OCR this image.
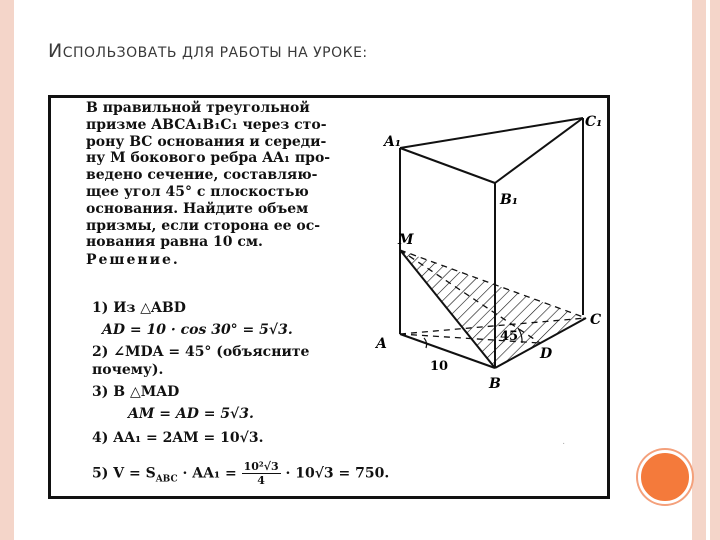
ИСПОЛЬЗОВАТЬ ДЛЯ РАБОТЫ НА УРОКЕ:

В правильной треугольной

призме ABCA₁B₁C₁ через сто-

рону BC основания и середи-

ну M бокового ребра AA₁ про-

ведено сечение, составляю-

щее угол 45° с плоскостью

основания. Найдите объем

призмы, если сторона ее ос-

нования равна 10 см.

Решение.

1) Из △ABD
AD = 10 · cos 30° = 5√3.
2) ∠MDA = 45° (объясните
почему).
3) В △MAD
AM = AD = 5√3.
4) AA₁ = 2AM = 10√3.
5) $V = S_{ABC} \cdot AA_1 = \frac{\text{10²√3}}{4} \cdot 10√3 = 750$.
A₁
C₁
B₁
M
A
C
B
D
45
10
·
